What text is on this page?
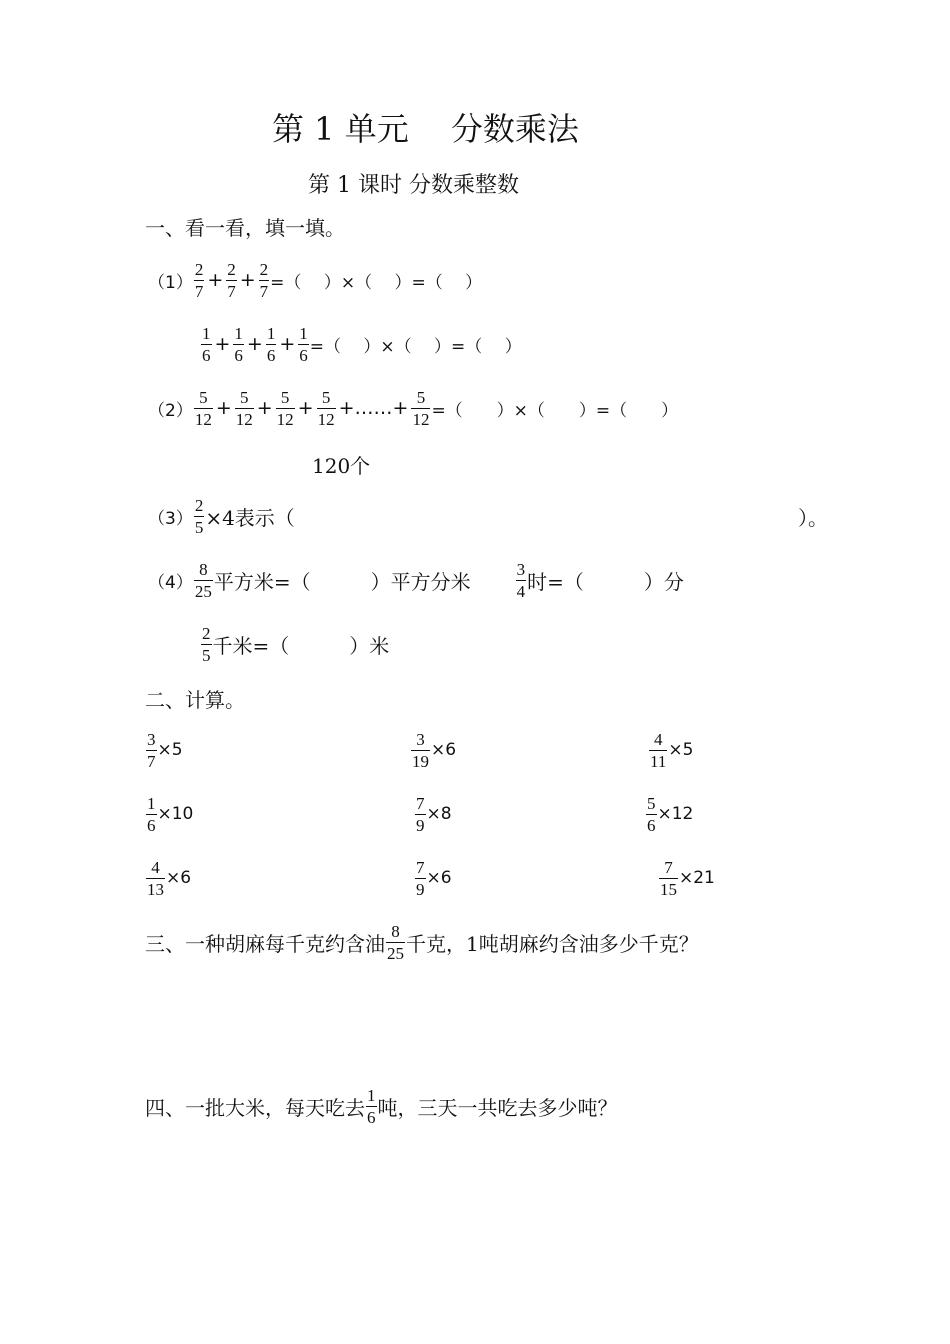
第 1 单元　 分数乘法
第 1 课时 分数乘整数
一、看一看，填一填。
$(1) \frac{2}{7} + \frac{2}{7} + \frac{2}{7}$ =（　 ）×（　 ）=（　 ）
$\frac{1}{6} + \frac{1}{6} + \frac{1}{6} + \frac{1}{6}$ =（　 ）×（　 ）=（　 ）
$(2) \frac{5}{12} + \frac{5}{12} + \frac{5}{12} + \frac{5}{12}$ +……+ $\frac{5}{12}$ =（　　）×（　　）=（　　）
120个
$(3) \frac{2}{5} \times 4$表示（	）。
$(4) \frac{8}{25}$ 平方米=（　　　）平方分米	$\frac{3}{4}$ 时=（　　　）分
$\frac{2}{5}$ 千米=（　　　）米
二、计算。
$\frac{3}{7} \times 5$	$\frac{3}{19} \times 6$	$\frac{4}{11} \times 5$
$\frac{1}{6} \times 10$	$\frac{7}{9} \times 8$	$\frac{5}{6} \times 12$
$\frac{4}{13} \times 6$	$\frac{7}{9} \times 6$	$\frac{7}{15} \times 21$
三、一种胡麻每千克约含油 $\frac{8}{25}$ 千克，1吨胡麻约含油多少千克？
四、一批大米，每天吃去 $\frac{1}{6}$ 吨，三天一共吃去多少吨？
